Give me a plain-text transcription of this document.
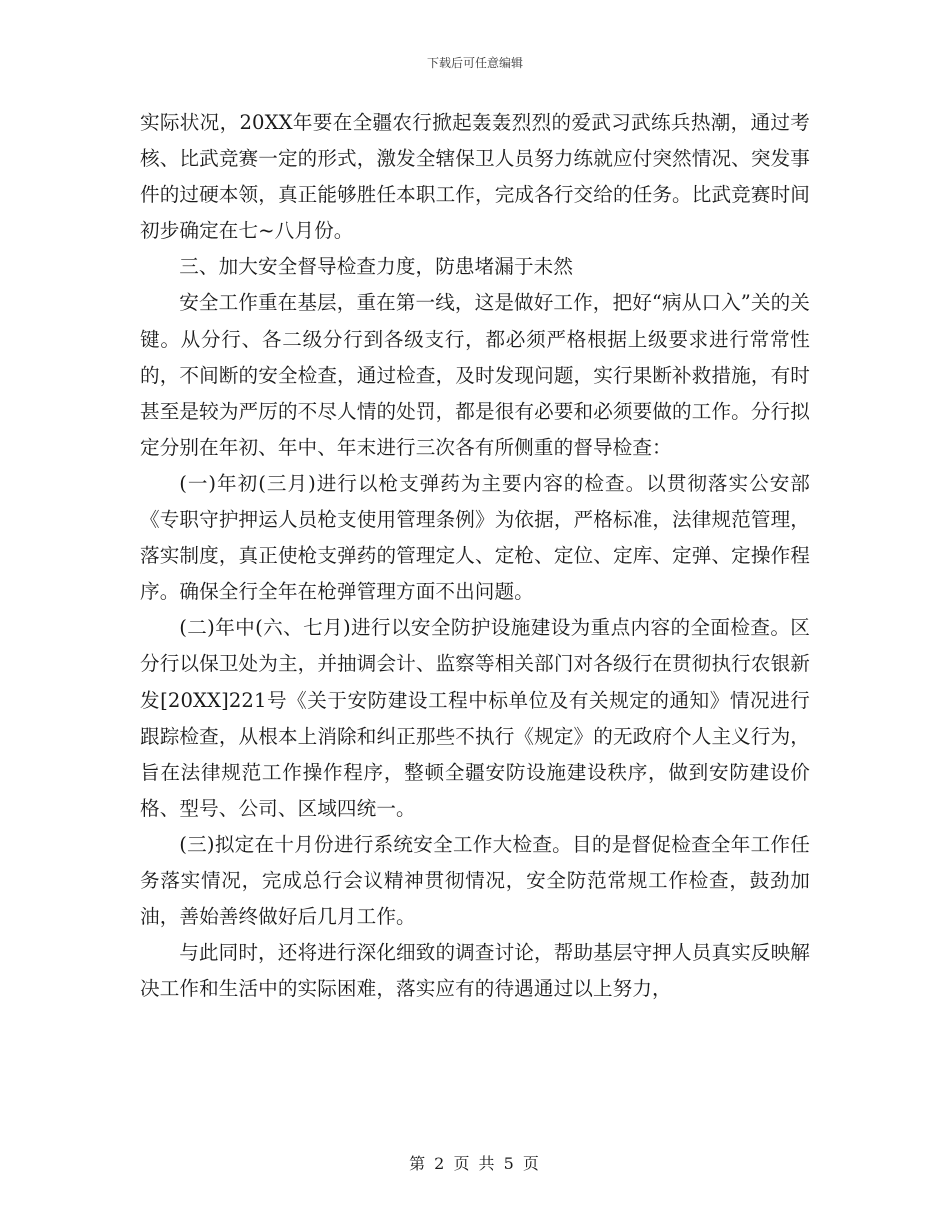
下载后可任意编辑

实际状况，20XX年要在全疆农行掀起轰轰烈烈的爱武习武练兵热潮，通过考核、比武竞赛一定的形式，激发全辖保卫人员努力练就应付突然情况、突发事件的过硬本领，真正能够胜任本职工作，完成各行交给的任务。比武竞赛时间初步确定在七~八月份。

三、加大安全督导检查力度，防患堵漏于未然

安全工作重在基层，重在第一线，这是做好工作，把好“病从口入”关的关键。从分行、各二级分行到各级支行，都必须严格根据上级要求进行常常性的，不间断的安全检查，通过检查，及时发现问题，实行果断补救措施，有时甚至是较为严厉的不尽人情的处罚，都是很有必要和必须要做的工作。分行拟定分别在年初、年中、年末进行三次各有所侧重的督导检查：

(一)年初(三月)进行以枪支弹药为主要内容的检查。以贯彻落实公安部《专职守护押运人员枪支使用管理条例》为依据，严格标准，法律规范管理，落实制度，真正使枪支弹药的管理定人、定枪、定位、定库、定弹、定操作程序。确保全行全年在枪弹管理方面不出问题。

(二)年中(六、七月)进行以安全防护设施建设为重点内容的全面检查。区分行以保卫处为主，并抽调会计、监察等相关部门对各级行在贯彻执行农银新发[20XX]221号《关于安防建设工程中标单位及有关规定的通知》情况进行跟踪检查，从根本上消除和纠正那些不执行《规定》的无政府个人主义行为，旨在法律规范工作操作程序，整顿全疆安防设施建设秩序，做到安防建设价格、型号、公司、区域四统一。

(三)拟定在十月份进行系统安全工作大检查。目的是督促检查全年工作任务落实情况，完成总行会议精神贯彻情况，安全防范常规工作检查，鼓劲加油，善始善终做好后几月工作。

与此同时，还将进行深化细致的调查讨论，帮助基层守押人员真实反映解决工作和生活中的实际困难，落实应有的待遇通过以上努力，

第 2 页 共 5 页
